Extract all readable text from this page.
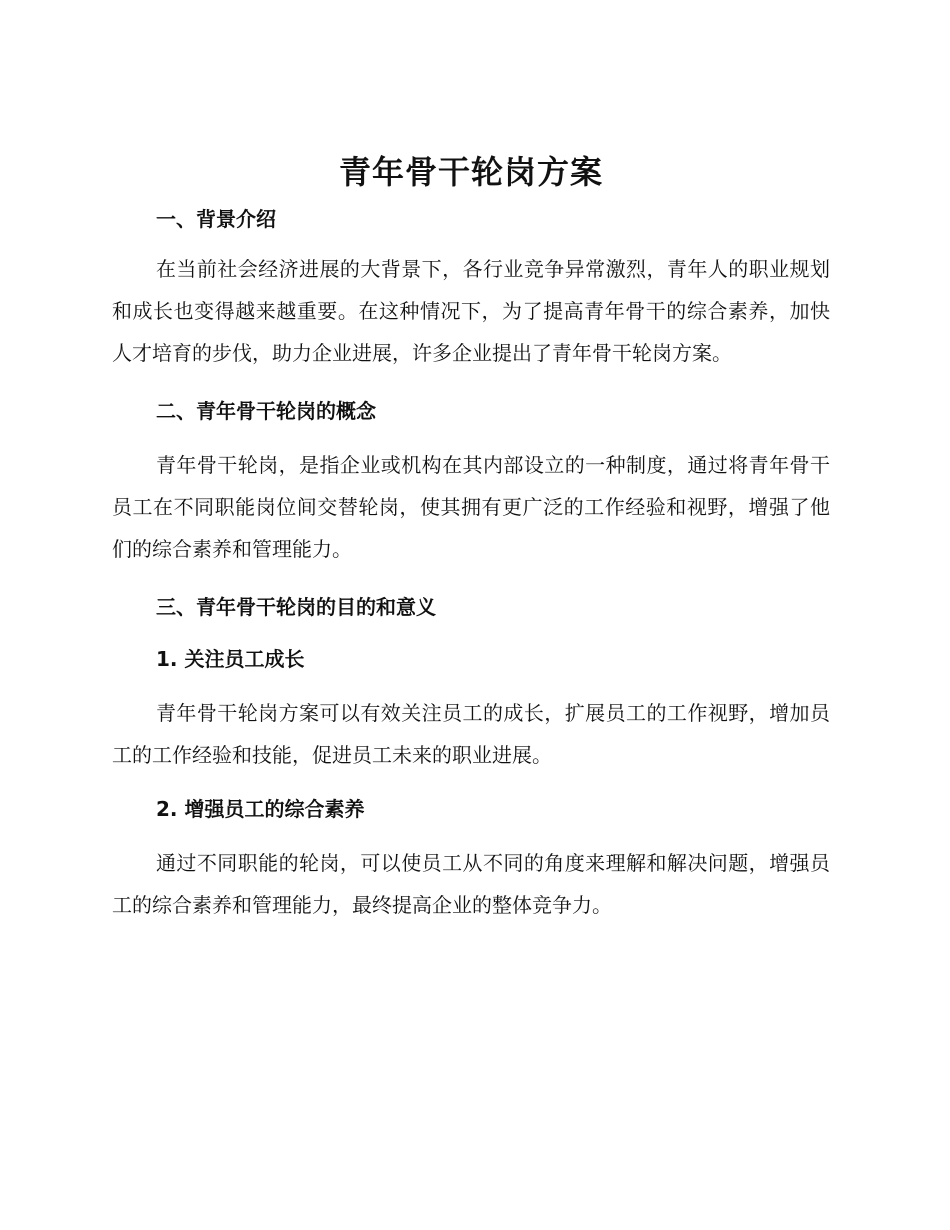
青年骨干轮岗方案
一、背景介绍

在当前社会经济进展的大背景下，各行业竞争异常激烈，青年人的职业规划和成长也变得越来越重要。在这种情况下，为了提高青年骨干的综合素养，加快人才培育的步伐，助力企业进展，许多企业提出了青年骨干轮岗方案。

二、青年骨干轮岗的概念

青年骨干轮岗，是指企业或机构在其内部设立的一种制度，通过将青年骨干员工在不同职能岗位间交替轮岗，使其拥有更广泛的工作经验和视野，增强了他们的综合素养和管理能力。

三、青年骨干轮岗的目的和意义
1. 关注员工成长

青年骨干轮岗方案可以有效关注员工的成长，扩展员工的工作视野，增加员工的工作经验和技能，促进员工未来的职业进展。

2. 增强员工的综合素养

通过不同职能的轮岗，可以使员工从不同的角度来理解和解决问题，增强员工的综合素养和管理能力，最终提高企业的整体竞争力。
